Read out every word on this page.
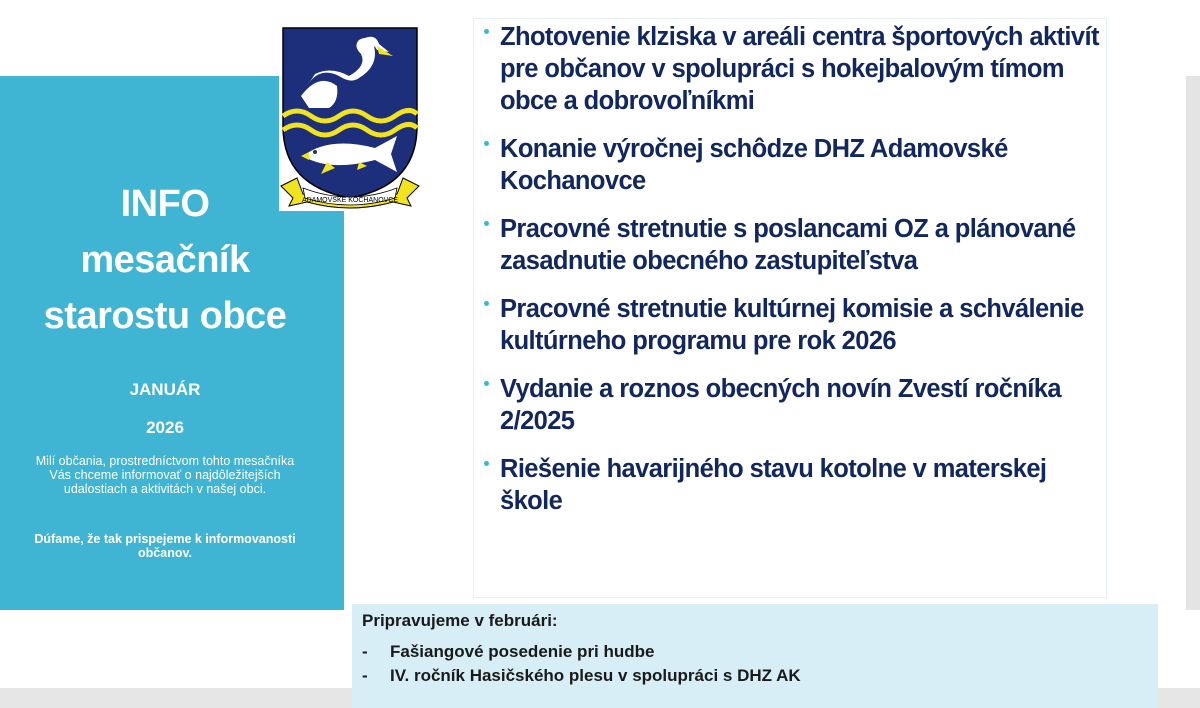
INFO
mesačník
starostu obce
JANUÁR
2026
Milí občania, prostredníctvom tohto mesačníka Vás chceme informovať o najdôležitejších udalostiach a aktivitách v našej obci.
Dúfame, že tak prispejeme k informovanosti občanov.
ADAMOVSKÉ KOCHANOVCE
Zhotovenie klziska v areáli centra športových aktivít pre občanov v spolupráci s hokejbalovým tímom obce a dobrovoľníkmi
Konanie výročnej schôdze DHZ Adamovské Kochanovce
Pracovné stretnutie s poslancami OZ a plánované zasadnutie obecného zastupiteľstva
Pracovné stretnutie kultúrnej komisie a schválenie kultúrneho programu pre rok 2026
Vydanie a roznos obecných novín Zvestí ročníka 2/2025
Riešenie havarijného stavu kotolne v materskej škole
Pripravujeme v februári:
- Fašiangové posedenie pri hudbe
- IV. ročník Hasičského plesu v spolupráci s DHZ AK
